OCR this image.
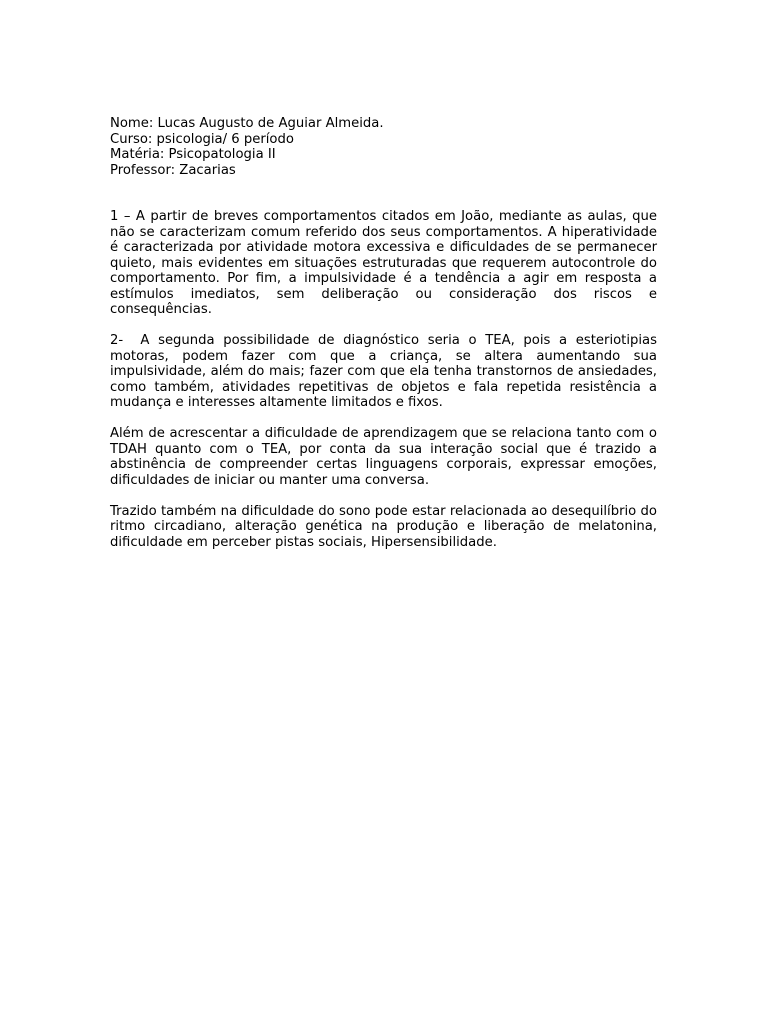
Nome: Lucas Augusto de Aguiar Almeida.

Curso: psicologia/ 6 período

Matéria: Psicopatologia II

Professor: Zacarias

1 – A partir de breves comportamentos citados em João, mediante as aulas, que não se caracterizam comum referido dos seus comportamentos. A hiperatividade é caracterizada por atividade motora excessiva e dificuldades de se permanecer quieto, mais evidentes em situações estruturadas que requerem autocontrole do comportamento. Por fim, a impulsividade é a tendência a agir em resposta a estímulos imediatos, sem deliberação ou consideração dos riscos e consequências.

2-  A segunda possibilidade de diagnóstico seria o TEA, pois a esteriotipias motoras, podem fazer com que a criança, se altera aumentando sua impulsividade, além do mais; fazer com que ela tenha transtornos de ansiedades, como também, atividades repetitivas de objetos e fala repetida resistência a mudança e interesses altamente limitados e fixos.

Além de acrescentar a dificuldade de aprendizagem que se relaciona tanto com o TDAH quanto com o TEA, por conta da sua interação social que é trazido a abstinência de compreender certas linguagens corporais, expressar emoções, dificuldades de iniciar ou manter uma conversa.

Trazido também na dificuldade do sono pode estar relacionada ao desequilíbrio do ritmo circadiano, alteração genética na produção e liberação de melatonina, dificuldade em perceber pistas sociais, Hipersensibilidade.
